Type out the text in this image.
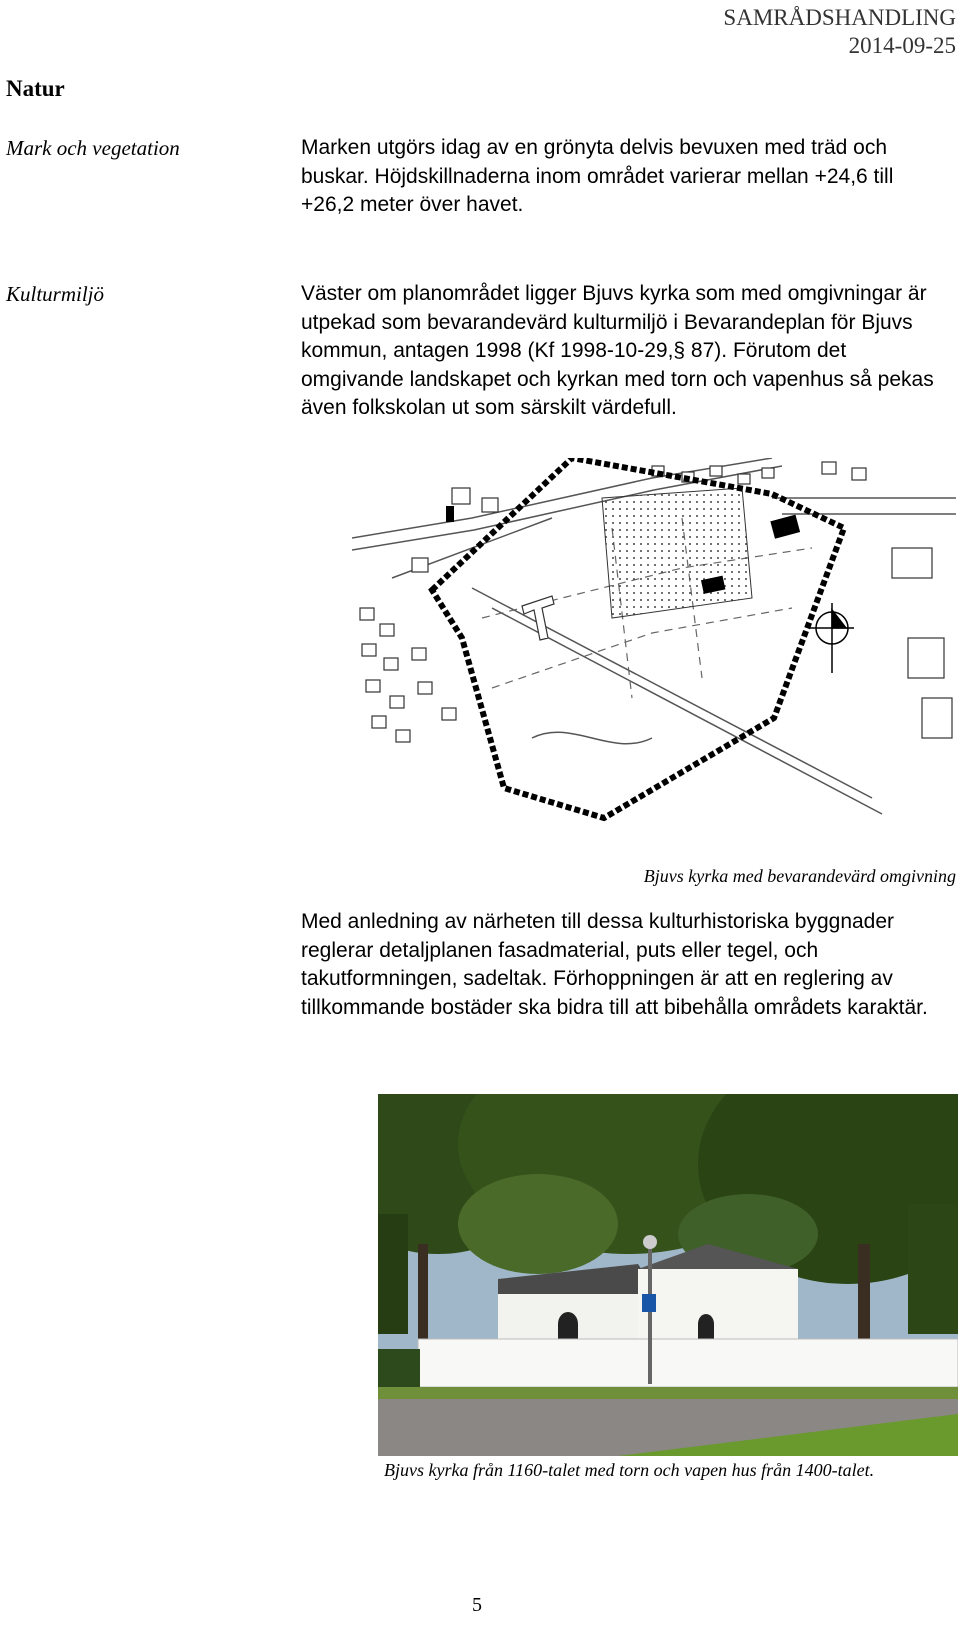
SAMRÅDSHANDLING
2014-09-25
Natur
Mark och vegetation	Marken utgörs idag av en grönyta delvis bevuxen med träd och buskar. Höjdskillnaderna inom området varierar mellan +24,6 till +26,2 meter över havet.
Kulturmiljö	Väster om planområdet ligger Bjuvs kyrka som med omgivningar är utpekad som bevarandevärd kulturmiljö i Bevarandeplan för Bjuvs kommun, antagen 1998 (Kf 1998-10-29,§ 87). Förutom det omgivande landskapet och kyrkan med torn och vapenhus så pekas även folkskolan ut som särskilt värdefull.
Bjuvs kyrka med bevarandevärd omgivning
Med anledning av närheten till dessa kulturhistoriska byggnader reglerar detaljplanen fasadmaterial, puts eller tegel, och takutformningen, sadeltak. Förhoppningen är att en reglering av tillkommande bostäder ska bidra till att bibehålla områdets karaktär.
Bjuvs kyrka från 1160-talet med torn och vapen hus från 1400-talet.
5
